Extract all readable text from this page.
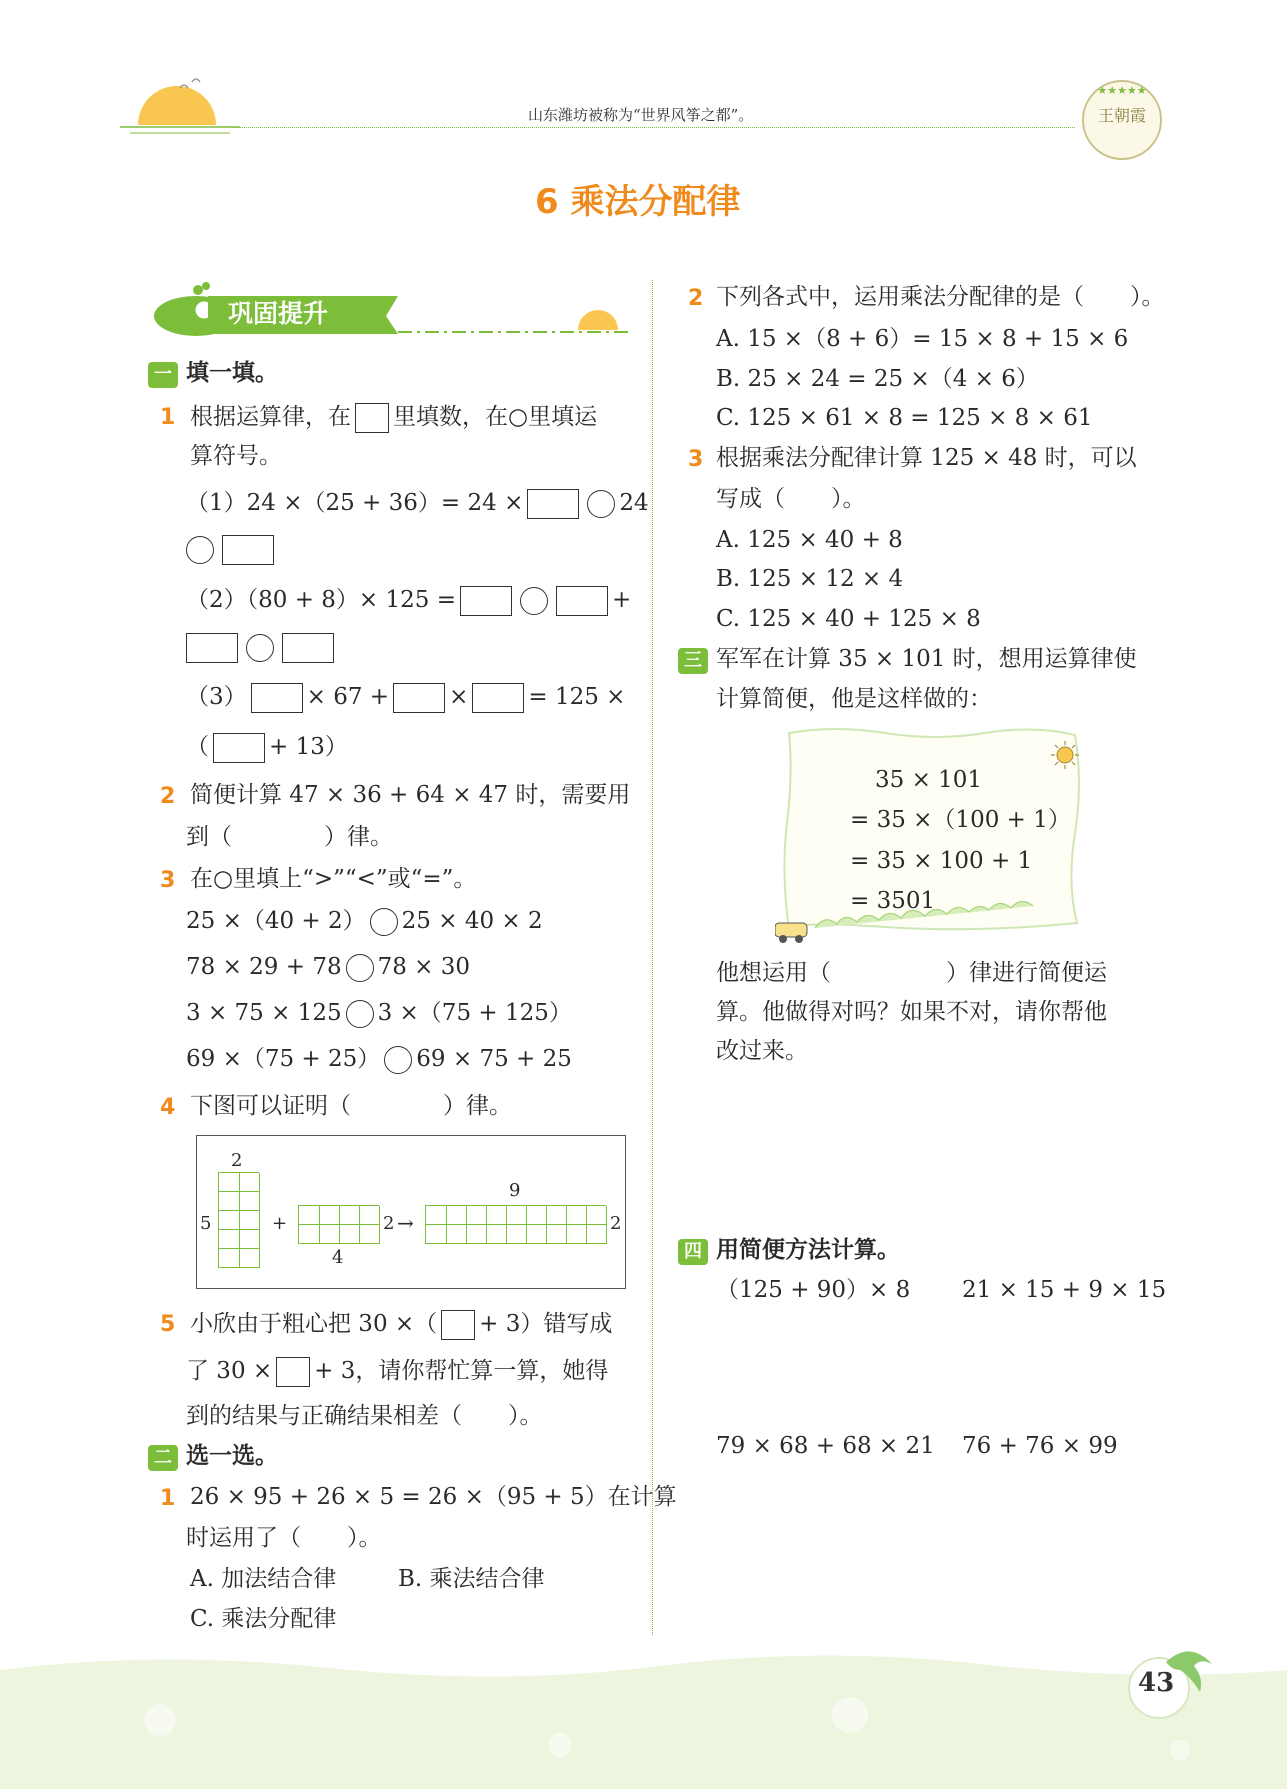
山东潍坊被称为“世界风筝之都”。
★★★★★
王朝霞
6 乘法分配律
巩固提升
一 填一填。
1 根据运算律，在 里填数，在○里填运
算符号。
（1）24 ×（25 + 36）= 24 ×	24
（2）（80 + 8）× 125 =	+
（3）	× 67 +	×	= 125 ×
（	+ 13）
2 简便计算 47 × 36 + 64 × 47 时，需要用
到（　　　　）律。
3 在○里填上“>”“<”或“=”。
25 ×（40 + 2） 25 × 40 × 2
78 × 29 + 78 78 × 30
3 × 75 × 125 3 ×（75 + 125）
69 ×（75 + 25） 69 × 75 + 25
4 下图可以证明（　　　　）律。
2
5	+	2
4
→
9
2
5 小欣由于粗心把 30 ×（ + 3）错写成
了 30 × + 3，请你帮忙算一算，她得
到的结果与正确结果相差（　　）。
二 选一选。
1 26 × 95 + 26 × 5 = 26 ×（95 + 5）在计算
时运用了（　　）。
A. 加法结合律	B. 乘法结合律
C. 乘法分配律
2 下列各式中，运用乘法分配律的是（　　）。
A. 15 ×（8 + 6）= 15 × 8 + 15 × 6
B. 25 × 24 = 25 ×（4 × 6）
C. 125 × 61 × 8 = 125 × 8 × 61
3 根据乘法分配律计算 125 × 48 时，可以
写成（　　）。
A. 125 × 40 + 8
B. 125 × 12 × 4
C. 125 × 40 + 125 × 8
三 军军在计算 35 × 101 时，想用运算律使
计算简便，他是这样做的：
35 × 101
= 35 ×（100 + 1）
= 35 × 100 + 1
= 3501
他想运用（　　　　　）律进行简便运
算。他做得对吗？如果不对，请你帮他
改过来。
四 用简便方法计算。
（125 + 90）× 8 21 × 15 + 9 × 15
79 × 68 + 68 × 21 76 + 76 × 99
43
